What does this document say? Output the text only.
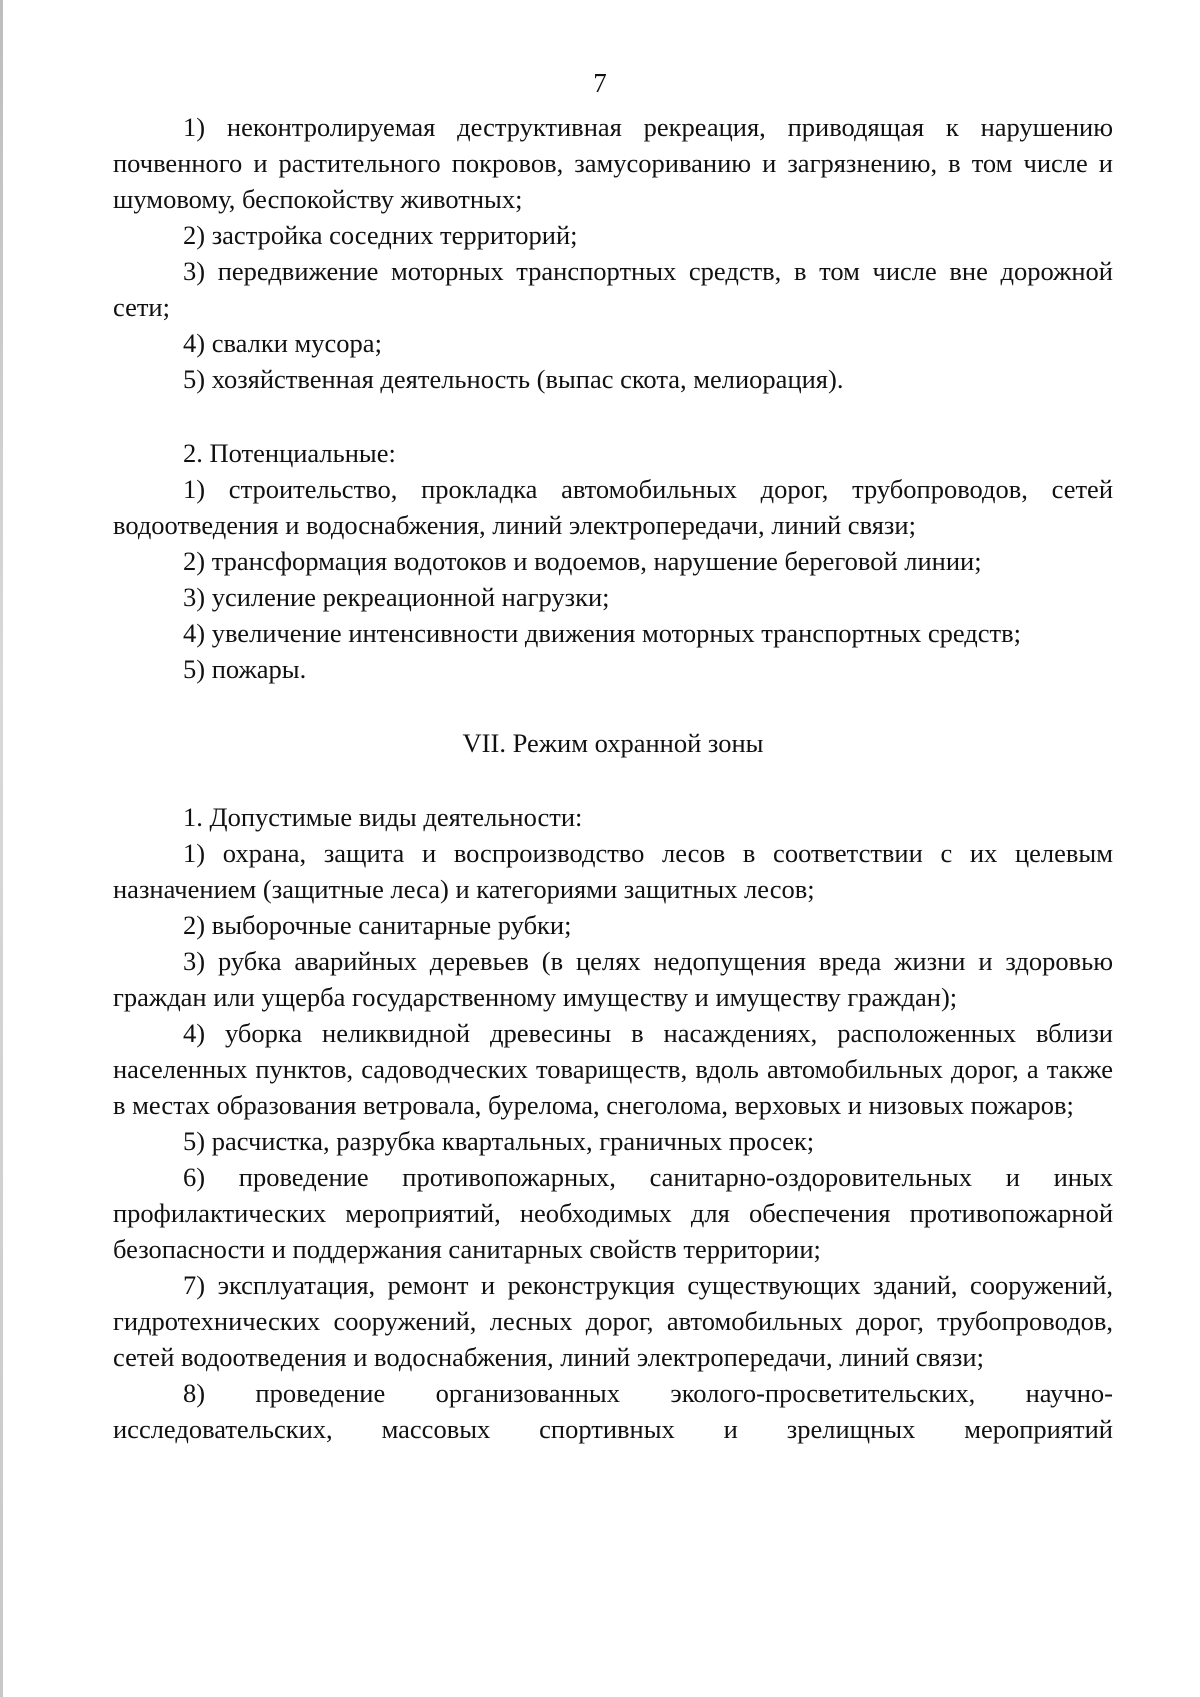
7

1) неконтролируемая деструктивная рекреация, приводящая к нарушению почвенного и растительного покровов, замусориванию и загрязнению, в том числе и шумовому, беспокойству животных;

2) застройка соседних территорий;

3) передвижение моторных транспортных средств, в том числе вне дорожной сети;

4) свалки мусора;

5) хозяйственная деятельность (выпас скота, мелиорация).

2. Потенциальные:

1) строительство, прокладка автомобильных дорог, трубопроводов, сетей водоотведения и водоснабжения, линий электропередачи, линий связи;

2) трансформация водотоков и водоемов, нарушение береговой линии;

3) усиление рекреационной нагрузки;

4) увеличение интенсивности движения моторных транспортных средств;

5) пожары.

VII. Режим охранной зоны

1. Допустимые виды деятельности:

1) охрана, защита и воспроизводство лесов в соответствии с их целевым назначением (защитные леса) и категориями защитных лесов;

2) выборочные санитарные рубки;

3) рубка аварийных деревьев (в целях недопущения вреда жизни и здоровью граждан или ущерба государственному имуществу и имуществу граждан);

4) уборка неликвидной древесины в насаждениях, расположенных вблизи населенных пунктов, садоводческих товариществ, вдоль автомобильных дорог, а также в местах образования ветровала, бурелома, снеголома, верховых и низовых пожаров;

5) расчистка, разрубка квартальных, граничных просек;

6) проведение противопожарных, санитарно-оздоровительных и иных профилактических мероприятий, необходимых для обеспечения противопожарной безопасности и поддержания санитарных свойств территории;

7) эксплуатация, ремонт и реконструкция существующих зданий, сооружений, гидротехнических сооружений, лесных дорог, автомобильных дорог, трубопроводов, сетей водоотведения и водоснабжения, линий электропередачи, линий связи;

8) проведение организованных эколого-просветительских, научно-исследовательских, массовых спортивных и зрелищных мероприятий
